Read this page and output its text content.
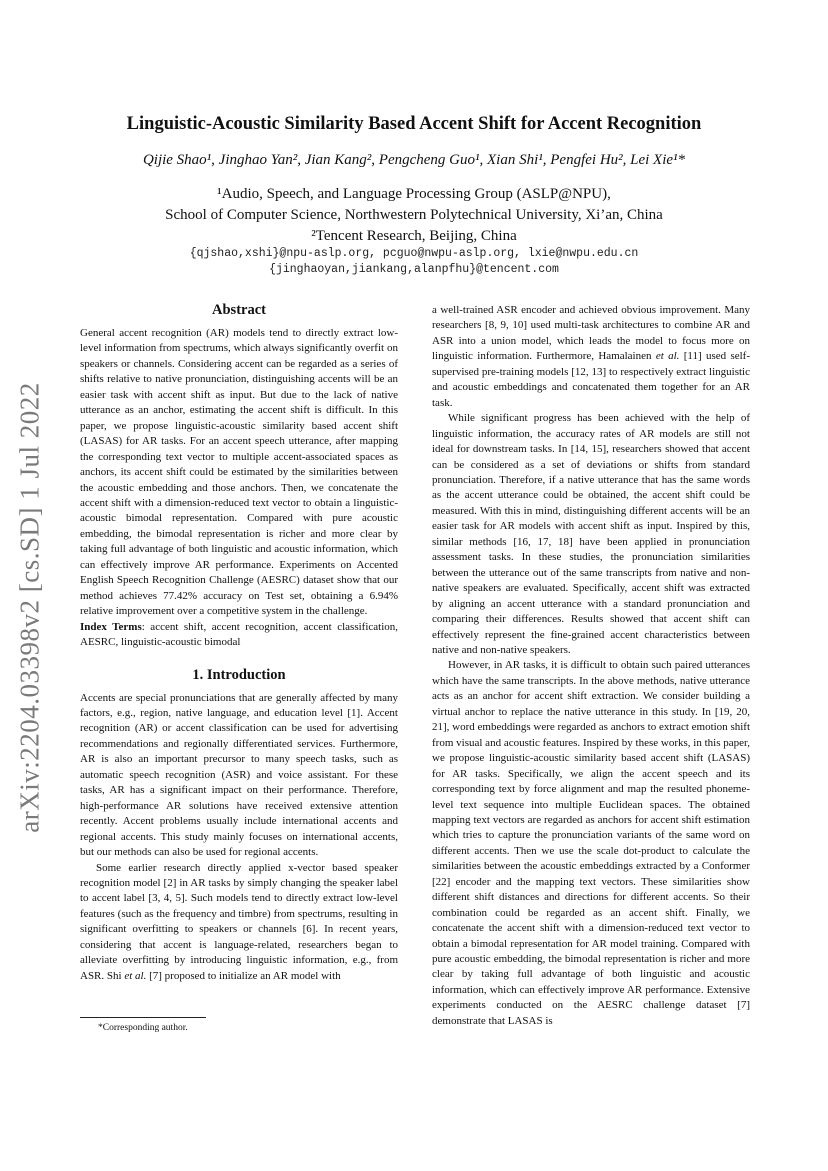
arXiv:2204.03398v2 [cs.SD] 1 Jul 2022
Linguistic-Acoustic Similarity Based Accent Shift for Accent Recognition
Qijie Shao¹, Jinghao Yan², Jian Kang², Pengcheng Guo¹, Xian Shi¹, Pengfei Hu², Lei Xie¹*
¹Audio, Speech, and Language Processing Group (ASLP@NPU),
School of Computer Science, Northwestern Polytechnical University, Xi’an, China
²Tencent Research, Beijing, China
{qjshao,xshi}@npu-aslp.org, pcguo@nwpu-aslp.org, lxie@nwpu.edu.cn
{jinghaoyan,jiankang,alanpfhu}@tencent.com
Abstract

General accent recognition (AR) models tend to directly extract low-level information from spectrums, which always significantly overfit on speakers or channels. Considering accent can be regarded as a series of shifts relative to native pronunciation, distinguishing accents will be an easier task with accent shift as input. But due to the lack of native utterance as an anchor, estimating the accent shift is difficult. In this paper, we propose linguistic-acoustic similarity based accent shift (LASAS) for AR tasks. For an accent speech utterance, after mapping the corresponding text vector to multiple accent-associated spaces as anchors, its accent shift could be estimated by the similarities between the acoustic embedding and those anchors. Then, we concatenate the accent shift with a dimension-reduced text vector to obtain a linguistic-acoustic bimodal representation. Compared with pure acoustic embedding, the bimodal representation is richer and more clear by taking full advantage of both linguistic and acoustic information, which can effectively improve AR performance. Experiments on Accented English Speech Recognition Challenge (AESRC) dataset show that our method achieves 77.42% accuracy on Test set, obtaining a 6.94% relative improvement over a competitive system in the challenge.

Index Terms: accent shift, accent recognition, accent classification, AESRC, linguistic-acoustic bimodal

1. Introduction

Accents are special pronunciations that are generally affected by many factors, e.g., region, native language, and education level [1]. Accent recognition (AR) or accent classification can be used for advertising recommendations and regionally differentiated services. Furthermore, AR is also an important precursor to many speech tasks, such as automatic speech recognition (ASR) and voice assistant. For these tasks, AR has a significant impact on their performance. Therefore, high-performance AR solutions have received extensive attention recently. Accent problems usually include international accents and regional accents. This study mainly focuses on international accents, but our methods can also be used for regional accents.

Some earlier research directly applied x-vector based speaker recognition model [2] in AR tasks by simply changing the speaker label to accent label [3, 4, 5]. Such models tend to directly extract low-level features (such as the frequency and timbre) from spectrums, resulting in significant overfitting to speakers or channels [6]. In recent years, considering that accent is language-related, researchers began to alleviate overfitting by introducing linguistic information, e.g., from ASR. Shi et al. [7] proposed to initialize an AR model with

a well-trained ASR encoder and achieved obvious improvement. Many researchers [8, 9, 10] used multi-task architectures to combine AR and ASR into a union model, which leads the model to focus more on linguistic information. Furthermore, Hamalainen et al. [11] used self-supervised pre-training models [12, 13] to respectively extract linguistic and acoustic embeddings and concatenated them together for an AR task.

While significant progress has been achieved with the help of linguistic information, the accuracy rates of AR models are still not ideal for downstream tasks. In [14, 15], researchers showed that accent can be considered as a set of deviations or shifts from standard pronunciation. Therefore, if a native utterance that has the same words as the accent utterance could be obtained, the accent shift could be measured. With this in mind, distinguishing different accents will be an easier task for AR models with accent shift as input. Inspired by this, similar methods [16, 17, 18] have been applied in pronunciation assessment tasks. In these studies, the pronunciation similarities between the utterance out of the same transcripts from native and non-native speakers are evaluated. Specifically, accent shift was extracted by aligning an accent utterance with a standard pronunciation and comparing their differences. Results showed that accent shift can effectively represent the fine-grained accent characteristics between native and non-native speakers.

However, in AR tasks, it is difficult to obtain such paired utterances which have the same transcripts. In the above methods, native utterance acts as an anchor for accent shift extraction. We consider building a virtual anchor to replace the native utterance in this study. In [19, 20, 21], word embeddings were regarded as anchors to extract emotion shift from visual and acoustic features. Inspired by these works, in this paper, we propose linguistic-acoustic similarity based accent shift (LASAS) for AR tasks. Specifically, we align the accent speech and its corresponding text by force alignment and map the resulted phoneme-level text sequence into multiple Euclidean spaces. The obtained mapping text vectors are regarded as anchors for accent shift estimation which tries to capture the pronunciation variants of the same word on different accents. Then we use the scale dot-product to calculate the similarities between the acoustic embeddings extracted by a Conformer [22] encoder and the mapping text vectors. These similarities show different shift distances and directions for different accents. So their combination could be regarded as an accent shift. Finally, we concatenate the accent shift with a dimension-reduced text vector to obtain a bimodal representation for AR model training. Compared with pure acoustic embedding, the bimodal representation is richer and more clear by taking full advantage of both linguistic and acoustic information, which can effectively improve AR performance. Extensive experiments conducted on the AESRC challenge dataset [7] demonstrate that LASAS is

*Corresponding author.
